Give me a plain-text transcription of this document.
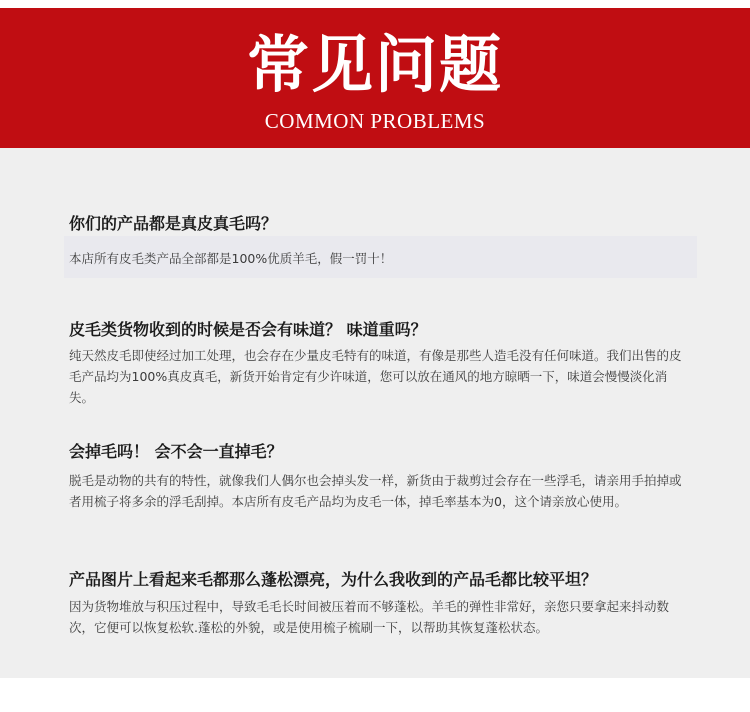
常见问题
COMMON PROBLEMS
你们的产品都是真皮真毛吗？
本店所有皮毛类产品全部都是100%优质羊毛，假一罚十！
皮毛类货物收到的时候是否会有味道？ 味道重吗？
纯天然皮毛即使经过加工处理，也会存在少量皮毛特有的味道，有像是那些人造毛没有任何味道。我们出售的皮毛产品均为100%真皮真毛，新货开始肯定有少许味道，您可以放在通风的地方晾晒一下，味道会慢慢淡化消失。
会掉毛吗！ 会不会一直掉毛？
脱毛是动物的共有的特性，就像我们人偶尔也会掉头发一样，新货由于裁剪过会存在一些浮毛，请亲用手拍掉或者用梳子将多余的浮毛刮掉。本店所有皮毛产品均为皮毛一体，掉毛率基本为0，这个请亲放心使用。
产品图片上看起来毛都那么蓬松漂亮，为什么我收到的产品毛都比较平坦？
因为货物堆放与积压过程中，导致毛毛长时间被压着而不够蓬松。羊毛的弹性非常好，亲您只要拿起来抖动数次，它便可以恢复松软.蓬松的外貌，或是使用梳子梳刷一下，以帮助其恢复蓬松状态。
